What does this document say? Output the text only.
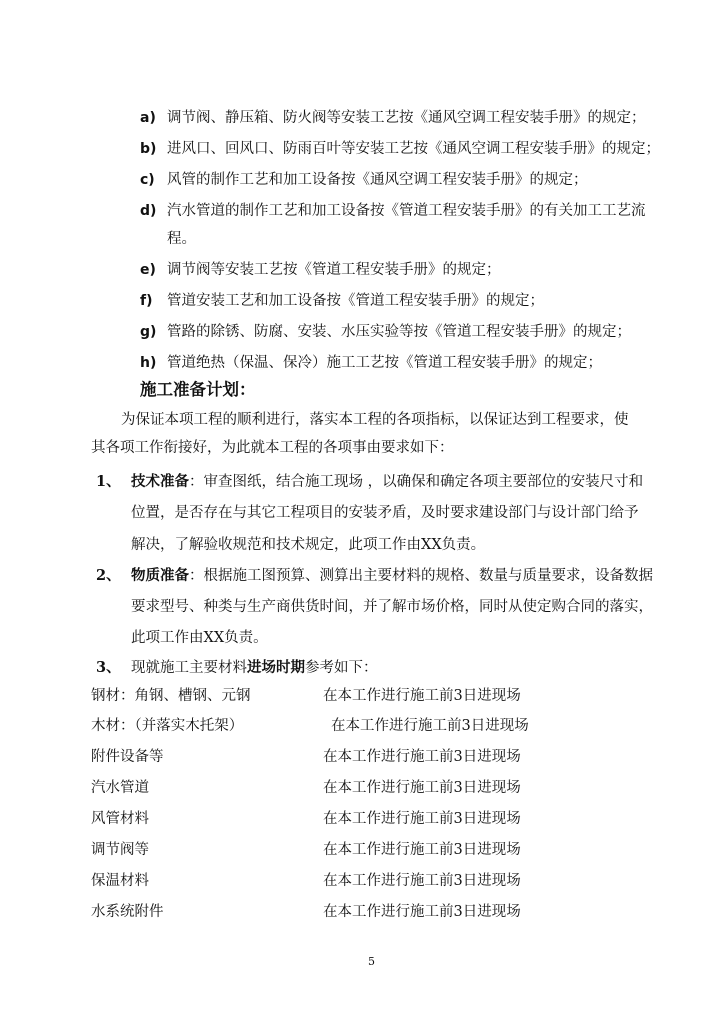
a) 调节阀、静压箱、防火阀等安装工艺按《通风空调工程安装手册》的规定；
b) 进风口、回风口、防雨百叶等安装工艺按《通风空调工程安装手册》的规定；
c) 风管的制作工艺和加工设备按《通风空调工程安装手册》的规定；
d) 汽水管道的制作工艺和加工设备按《管道工程安装手册》的有关加工工艺流
程。
e) 调节阀等安装工艺按《管道工程安装手册》的规定；
f) 管道安装工艺和加工设备按《管道工程安装手册》的规定；
g) 管路的除锈、防腐、安装、水压实验等按《管道工程安装手册》的规定；
h) 管道绝热（保温、保冷）施工工艺按《管道工程安装手册》的规定；
施工准备计划：
为保证本项工程的顺利进行，落实本工程的各项指标，以保证达到工程要求，使
其各项工作衔接好，为此就本工程的各项事由要求如下：
1、 技术准备：审查图纸，结合施工现场 ，以确保和确定各项主要部位的安装尺寸和
位置，是否存在与其它工程项目的安装矛盾，及时要求建设部门与设计部门给予
解决，了解验收规范和技术规定，此项工作由XX负责。
2、 物质准备：根据施工图预算、测算出主要材料的规格、数量与质量要求，设备数据
要求型号、种类与生产商供货时间，并了解市场价格，同时从使定购合同的落实，
此项工作由XX负责。
3、 现就施工主要材料进场时期参考如下：
钢材：角钢、槽钢、元钢	在本工作进行施工前3日进现场
木材：（并落实木托架）	在本工作进行施工前3日进现场
附件设备等	在本工作进行施工前3日进现场
汽水管道	在本工作进行施工前3日进现场
风管材料	在本工作进行施工前3日进现场
调节阀等	在本工作进行施工前3日进现场
保温材料	在本工作进行施工前3日进现场
水系统附件	在本工作进行施工前3日进现场
5
